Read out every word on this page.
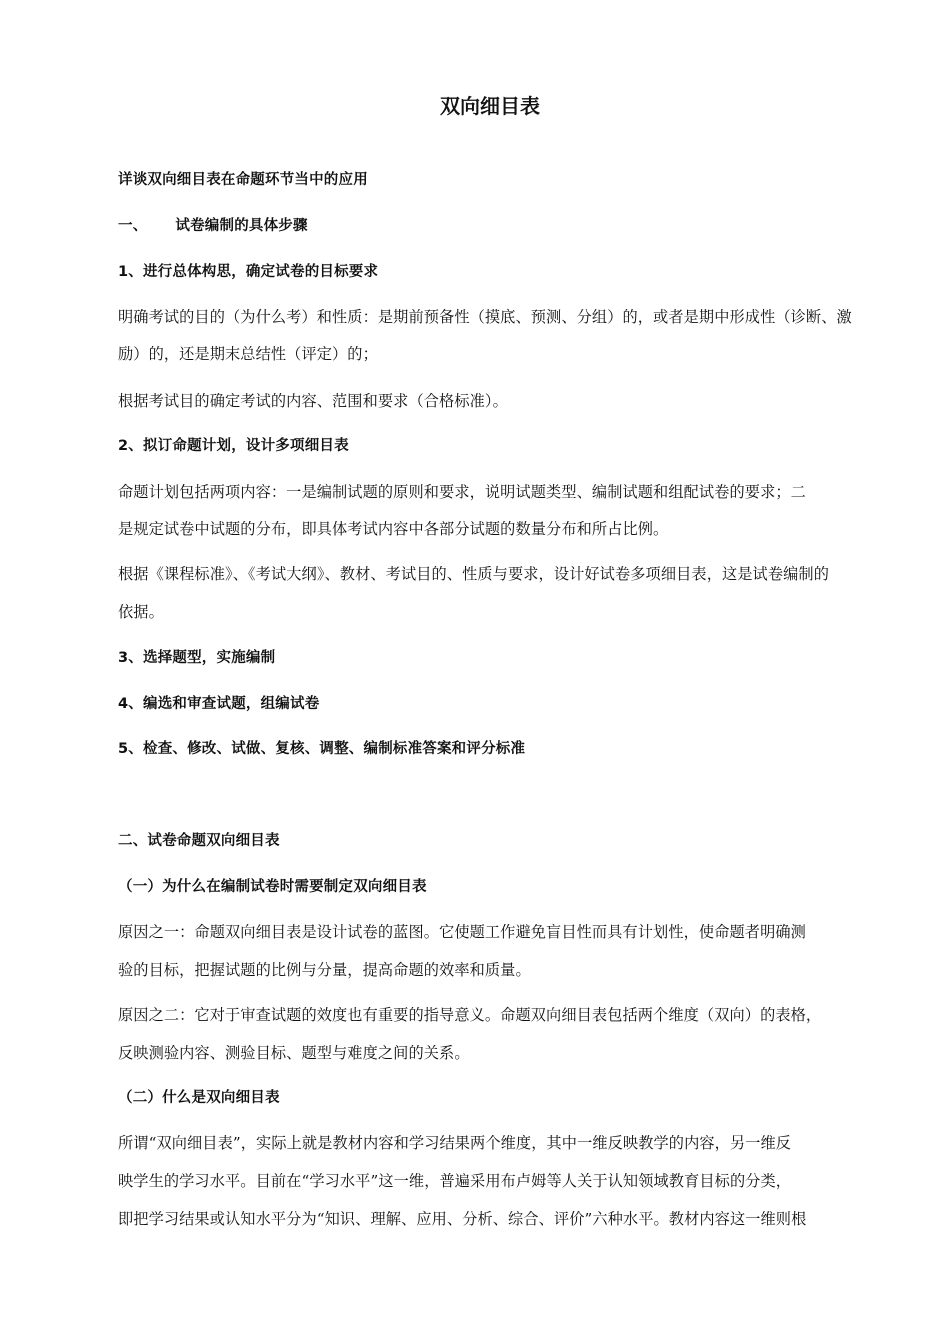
双向细目表
详谈双向细目表在命题环节当中的应用
一、 试卷编制的具体步骤
1、进行总体构思，确定试卷的目标要求
明确考试的目的（为什么考）和性质：是期前预备性（摸底、预测、分组）的，或者是期中形成性（诊断、激
励）的，还是期末总结性（评定）的；
根据考试目的确定考试的内容、范围和要求（合格标准）。
2、拟订命题计划，设计多项细目表
命题计划包括两项内容：一是编制试题的原则和要求，说明试题类型、编制试题和组配试卷的要求；二
是规定试卷中试题的分布，即具体考试内容中各部分试题的数量分布和所占比例。
根据《课程标准》、《考试大纲》、教材、考试目的、性质与要求，设计好试卷多项细目表，这是试卷编制的
依据。
3、选择题型，实施编制
4、编选和审查试题，组编试卷
5、检查、修改、试做、复核、调整、编制标准答案和评分标准
二、试卷命题双向细目表
（一）为什么在编制试卷时需要制定双向细目表
原因之一：命题双向细目表是设计试卷的蓝图。它使题工作避免盲目性而具有计划性，使命题者明确测
验的目标，把握试题的比例与分量，提高命题的效率和质量。
原因之二：它对于审查试题的效度也有重要的指导意义。命题双向细目表包括两个维度（双向）的表格，
反映测验内容、测验目标、题型与难度之间的关系。
（二）什么是双向细目表
所谓“双向细目表”，实际上就是教材内容和学习结果两个维度，其中一维反映教学的内容，另一维反
映学生的学习水平。目前在“学习水平”这一维，普遍采用布卢姆等人关于认知领域教育目标的分类，
即把学习结果或认知水平分为“知识、理解、应用、分析、综合、评价”六种水平。教材内容这一维则根
